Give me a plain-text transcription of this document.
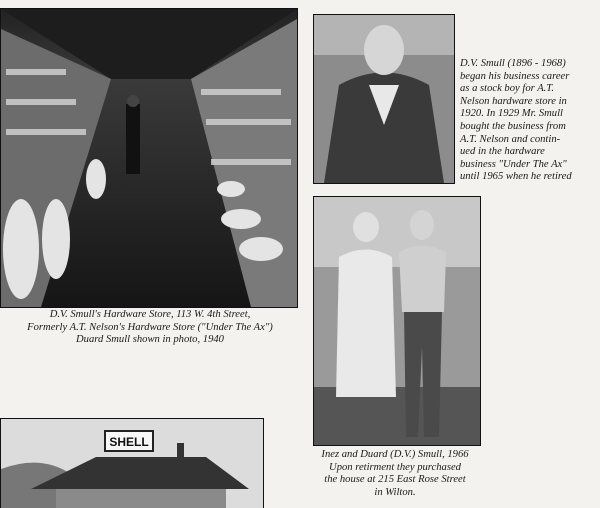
SHELL
D.V. Smull's Hardware Store, 113 W. 4th Street,
Formerly A.T. Nelson's Hardware Store ("Under The Ax")
Duard Smull shown in photo, 1940
D.V. Smull (1896 - 1968)
began his business career
as a stock boy for A.T.
Nelson hardware store in
1920. In 1929 Mr. Smull
bought the business from
A.T. Nelson and contin-
ued in the hardware
business "Under The Ax"
until 1965 when he retired
Inez and Duard (D.V.) Smull, 1966
Upon retirment they purchased
the house at 215 East Rose Street
in Wilton.
